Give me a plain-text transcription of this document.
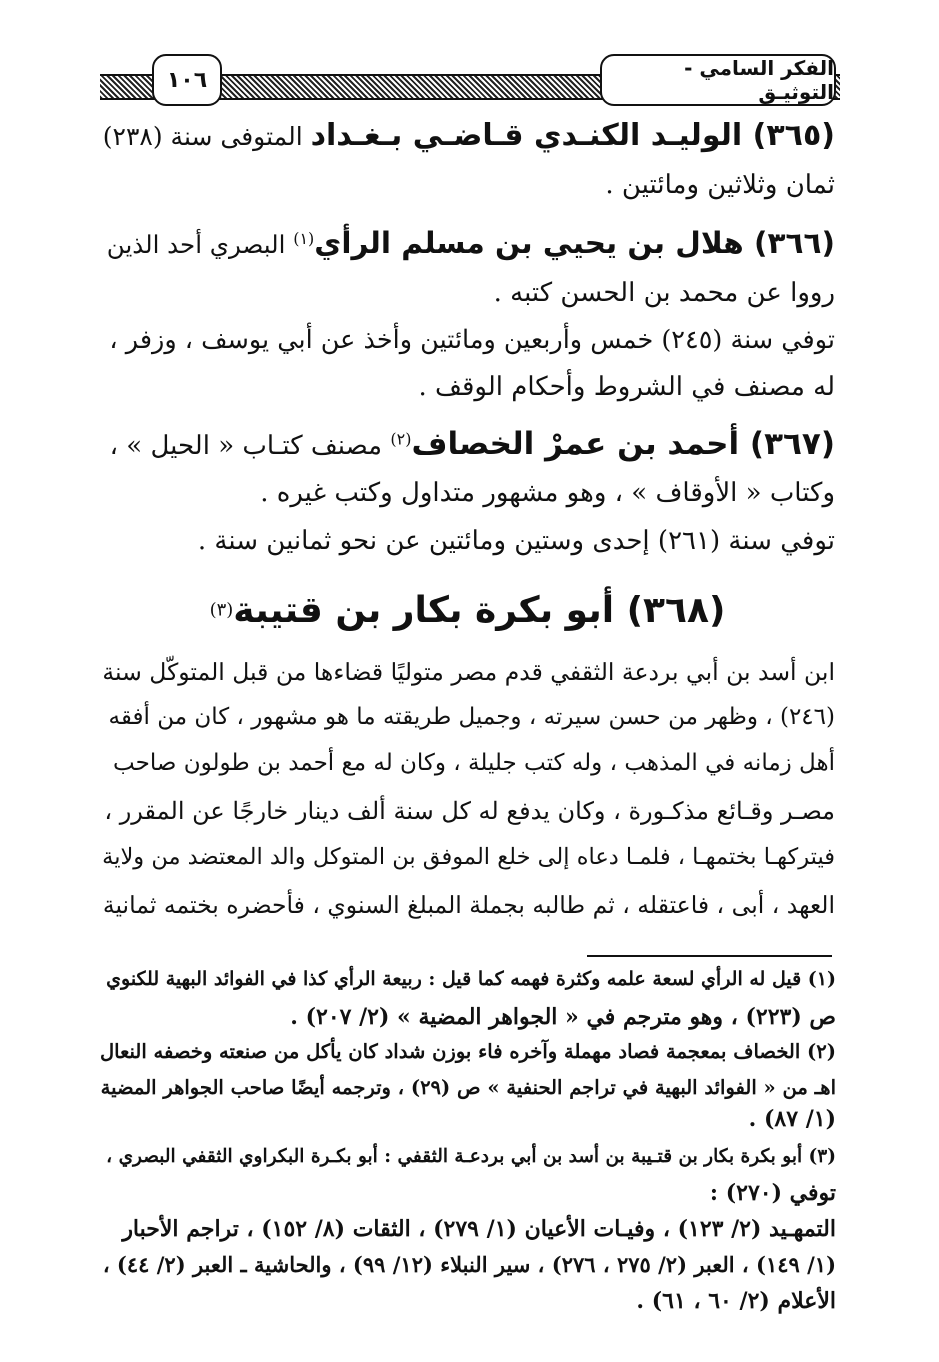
الفكر السامي - التوثيـق
١٠٦
(٣٦٥) الوليـد الكنـدي قـاضـي بـغـداد المتوفى سنة (٢٣٨)
ثمان وثلاثين ومائتين .
(٣٦٦) هلال بن يحيي بن مسلم الرأي$^{(١)}$ البصري أحد الذين
رووا عن محمد بن الحسن كتبه .
توفي سنة (٢٤٥) خمس وأربعين ومائتين وأخذ عن أبي يوسف ، وزفر ،
له مصنف في الشروط وأحكام الوقف .
(٣٦٧) أحمد بن عمرْ الخصاف$^{(٢)}$ مصنف كتـاب « الحيل » ،
وكتاب « الأوقاف » ، وهو مشهور متداول وكتب غيره .
توفي سنة (٢٦١) إحدى وستين ومائتين عن نحو ثمانين سنة .
(٣٦٨) أبو بكرة بكار بن قتيبة(٣)
ابن أسد بن أبي بردعة الثقفي قدم مصر متوليًا قضاءها من قبل المتوكّل سنة
(٢٤٦) ، وظهر من حسن سيرته ، وجميل طريقته ما هو مشهور ، كان من أفقه
أهل زمانه في المذهب ، وله كتب جليلة ، وكان له مع أحمد بن طولون صاحب
مصـر وقـائع مذكـورة ، وكان يدفع له كل سنة ألف دينار خارجًا عن المقرر ،
فيتركهـا بختمهـا ، فلمـا دعاه إلى خلع الموفق بن المتوكل والد المعتضد من ولاية
العهد ، أبى ، فاعتقله ، ثم طالبه بجملة المبلغ السنوي ، فأحضره بختمه ثمانية
(١) قيل له الرأي لسعة علمه وكثرة فهمه كما قيل : ربيعة الرأي كذا في الفوائد البهية للكنوي
ص (٢٢٣) ، وهو مترجم في « الجواهر المضية » (٢/ ٢٠٧) .
(٢) الخصاف بمعجمة فصاد مهملة وآخره فاء بوزن شداد كان يأكل من صنعته وخصفه النعال
اهـ من « الفوائد البهية في تراجم الحنفية » ص (٢٩) ، وترجمه أيضًا صاحب الجواهر المضية
(١/ ٨٧) .
(٣) أبو بكرة بكار بن قتـيبة بن أسد بن أبي بردعـة الثقفي : أبو بكـرة البكراوي الثقفي البصري ،
توفي (٢٧٠) :
التمهـيد (٢/ ١٢٣) ، وفيـات الأعيان (١/ ٢٧٩) ، الثقات (٨/ ١٥٢) ، تراجم الأحبار
(١/ ١٤٩) ، العبر (٢/ ٢٧٥ ، ٢٧٦) ، سير النبلاء (١٢/ ٩٩) ، والحاشية ـ العبر (٢/ ٤٤) ،
الأعلام (٢/ ٦٠ ، ٦١) .
